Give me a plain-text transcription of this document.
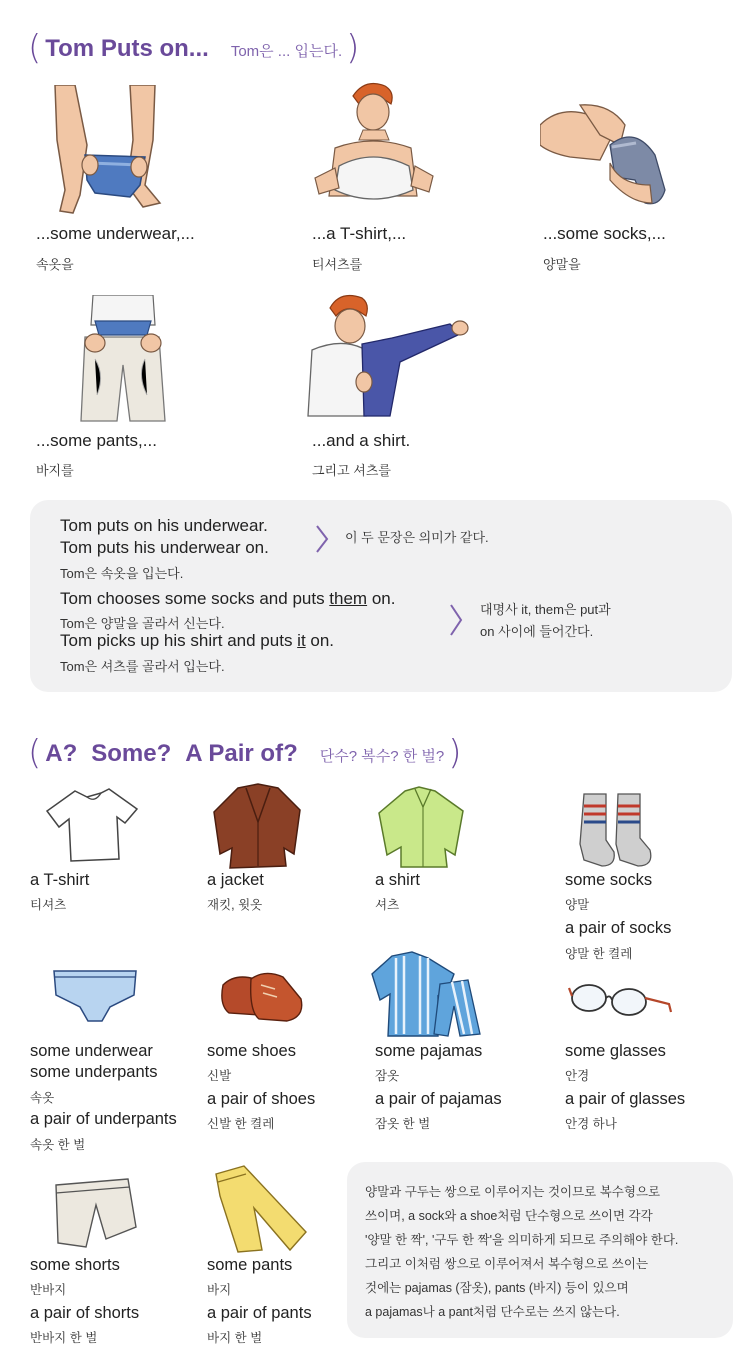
( Tom Puts on... Tom은 ... 입는다. )
...some underwear,...
속옷을
...a T-shirt,...
티셔츠를
...some socks,...
양말을
...some pants,...
바지를
...and a shirt.
그리고 셔츠를
Tom puts on his underwear.
Tom puts his underwear on.
Tom은 속옷을 입는다.
이 두 문장은 의미가 같다.
Tom chooses some socks and puts them on.
Tom은 양말을 골라서 신는다.
Tom picks up his shirt and puts it on.
Tom은 셔츠를 골라서 입는다.
대명사 it, them은 put과
on 사이에 들어간다.
( A? Some? A Pair of? 단수? 복수? 한 벌? )
a T-shirt
티셔츠
a jacket
재킷, 윗옷
a shirt
셔츠
some socks
양말
a pair of socks
양말 한 켤레
some underwear
some underpants
속옷
a pair of underpants
속옷 한 벌
some shoes
신발
a pair of shoes
신발 한 켤레
some pajamas
잠옷
a pair of pajamas
잠옷 한 벌
some glasses
안경
a pair of glasses
안경 하나
some shorts
반바지
a pair of shorts
반바지 한 벌
some pants
바지
a pair of pants
바지 한 벌
양말과 구두는 쌍으로 이루어지는 것이므로 복수형으로
쓰이며, a sock와 a shoe처럼 단수형으로 쓰이면 각각
'양말 한 짝', '구두 한 짝'을 의미하게 되므로 주의해야 한다.
그리고 이처럼 쌍으로 이루어져서 복수형으로 쓰이는
것에는 pajamas (잠옷), pants (바지) 등이 있으며
a pajamas나 a pant처럼 단수로는 쓰지 않는다.
